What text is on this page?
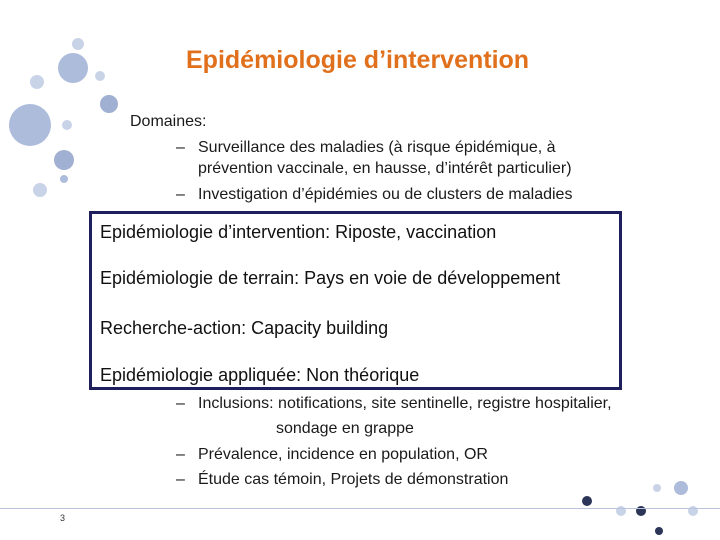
Epidémiologie d’intervention
Domaines:
– Surveillance des maladies (à risque épidémique, à
prévention vaccinale, en hausse, d’intérêt particulier)
– Investigation d’épidémies ou de clusters de maladies
Epidémiologie d’intervention: Riposte, vaccination
Epidémiologie de terrain: Pays en voie de développement
Recherche-action: Capacity building
Epidémiologie appliquée: Non théorique
– Inclusions: notifications, site sentinelle, registre hospitalier,
sondage en grappe
– Prévalence, incidence en population, OR
– Étude cas témoin, Projets de démonstration
3
